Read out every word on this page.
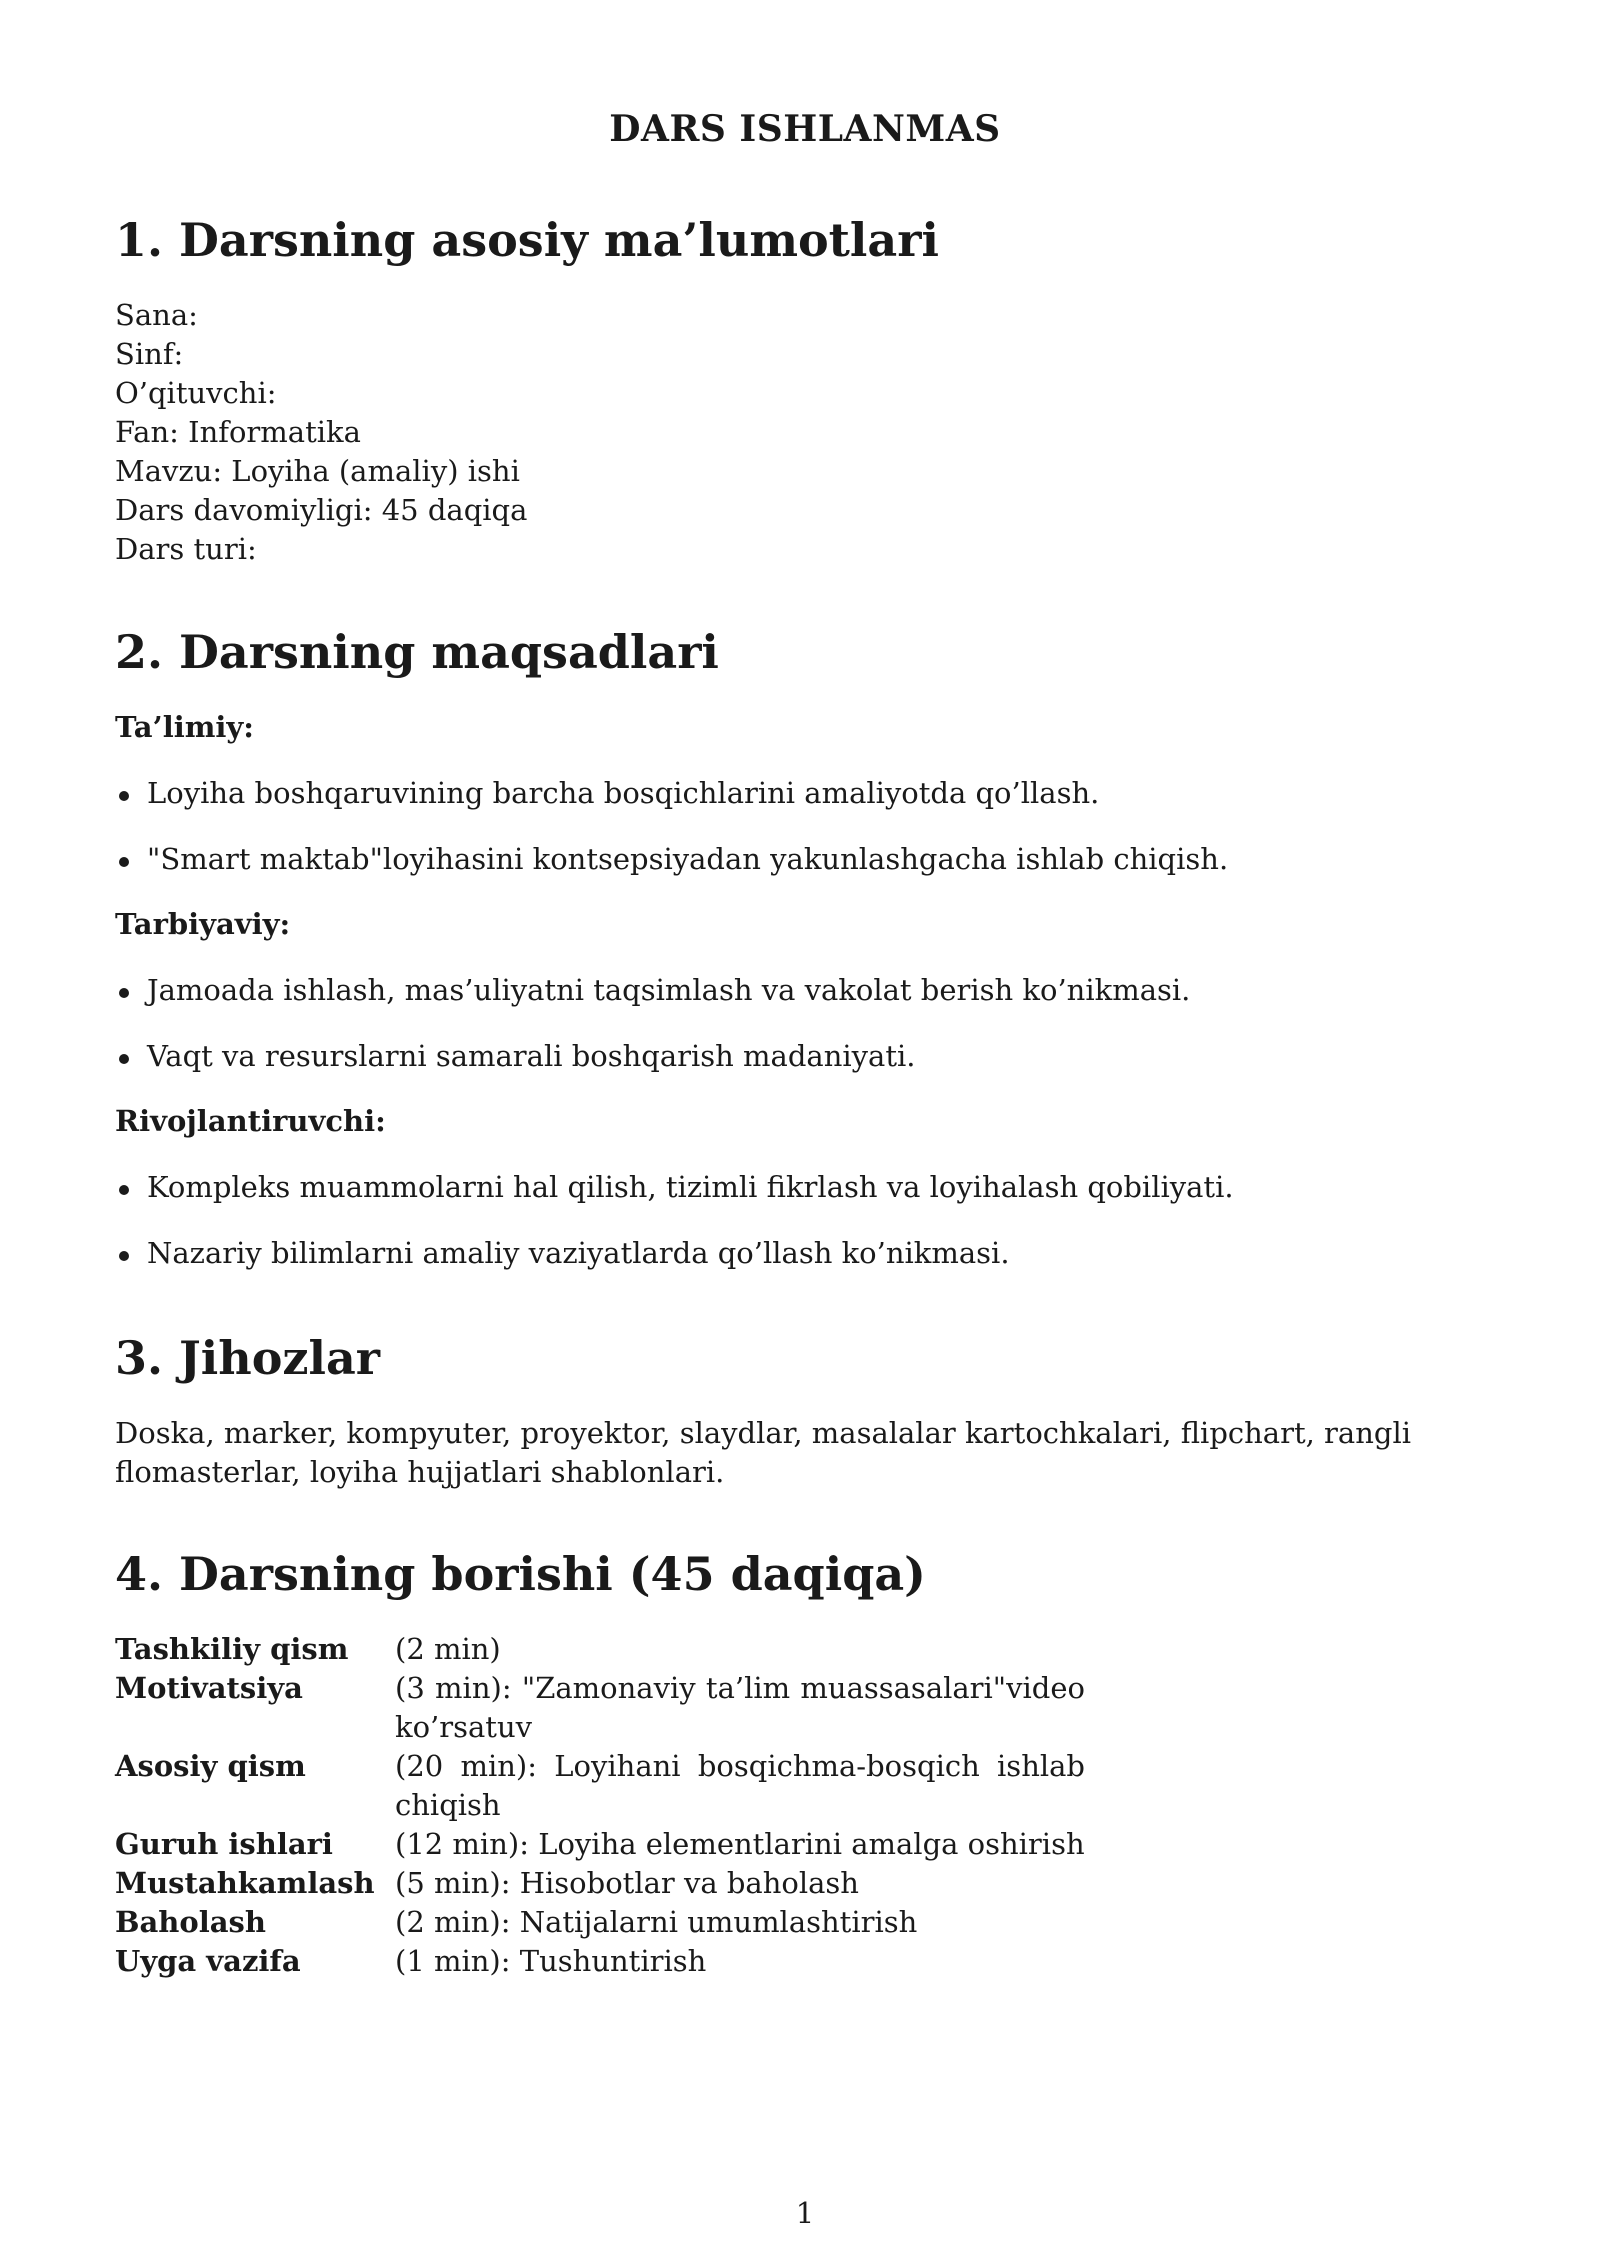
DARS ISHLANMAS
1. Darsning asosiy ma’lumotlari
Sana:
Sinf:
O’qituvchi:
Fan: Informatika
Mavzu: Loyiha (amaliy) ishi
Dars davomiyligi: 45 daqiqa
Dars turi:
2. Darsning maqsadlari

Ta’limiy:

Loyiha boshqaruvining barcha bosqichlarini amaliyotda qo’llash.
"Smart maktab"loyihasini kontsepsiyadan yakunlashgacha ishlab chiqish.

Tarbiyaviy:

Jamoada ishlash, mas’uliyatni taqsimlash va vakolat berish ko’nikmasi.
Vaqt va resurslarni samarali boshqarish madaniyati.

Rivojlantiruvchi:

Kompleks muammolarni hal qilish, tizimli fikrlash va loyihalash qobiliyati.
Nazariy bilimlarni amaliy vaziyatlarda qo’llash ko’nikmasi.
3. Jihozlar

Doska, marker, kompyuter, proyektor, slaydlar, masalalar kartochkalari, flipchart, rangli flomasterlar, loyiha hujjatlari shablonlari.

4. Darsning borishi (45 daqiqa)
Tashkiliy qism	(2 min)
Motivatsiya	(3 min): "Zamonaviy ta’lim muassasalari"video ko’rsatuv
Asosiy qism	(20 min): Loyihani bosqichma-bosqich ishlab chiqish
Guruh ishlari	(12 min): Loyiha elementlarini amalga oshirish
Mustahkamlash (5 min): Hisobotlar va baholash
Baholash	(2 min): Natijalarni umumlashtirish
Uyga vazifa	(1 min): Tushuntirish
1
